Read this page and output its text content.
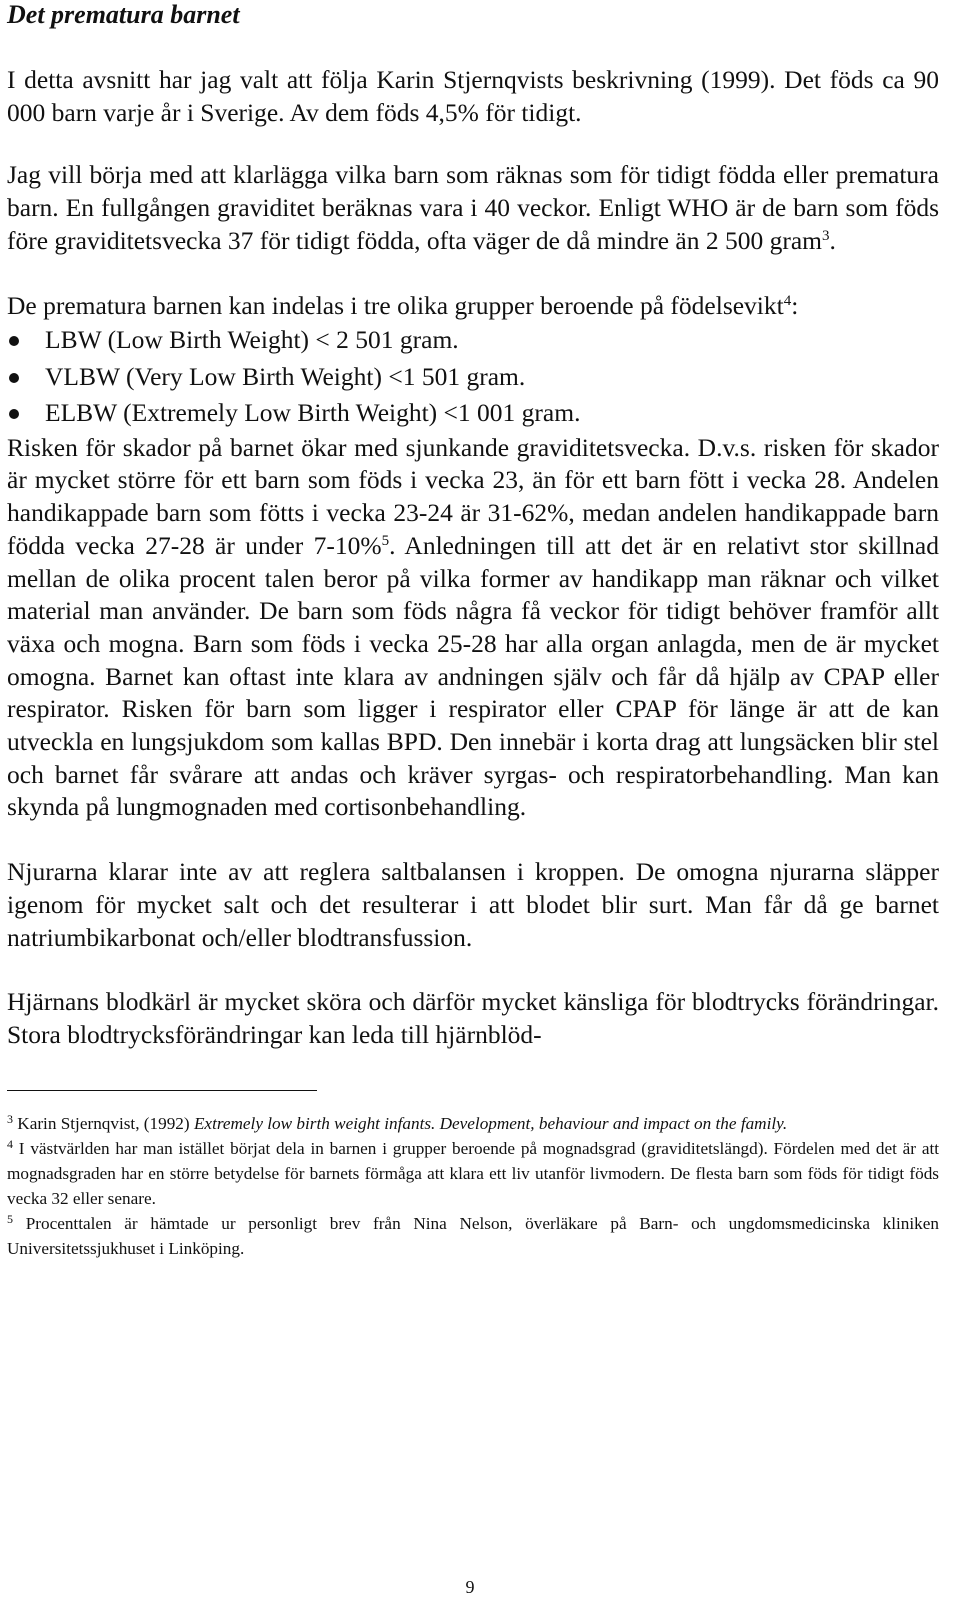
Det prematura barnet

I detta avsnitt har jag valt att följa Karin Stjernqvists beskrivning (1999). Det föds ca 90 000 barn varje år i Sverige. Av dem föds 4,5% för tidigt.

Jag vill börja med att klarlägga vilka barn som räknas som för tidigt födda eller prematura barn. En fullgången graviditet beräknas vara i 40 veckor. Enligt WHO är de barn som föds före graviditetsvecka 37 för tidigt födda, ofta väger de då mindre än 2 500 gram$^3$.

De prematura barnen kan indelas i tre olika grupper beroende på födelsevikt$^4$:

LBW (Low Birth Weight) < 2 501 gram.
VLBW (Very Low Birth Weight) <1 501 gram.
ELBW (Extremely Low Birth Weight) <1 001 gram.

Risken för skador på barnet ökar med sjunkande graviditetsvecka. D.v.s. risken för skador är mycket större för ett barn som föds i vecka 23, än för ett barn fött i vecka 28. Andelen handikappade barn som fötts i vecka 23-24 är 31-62%, medan andelen handikappade barn födda vecka 27-28 är under 7-10%$^5$. Anledningen till att det är en relativt stor skillnad mellan de olika procent talen beror på vilka former av handikapp man räknar och vilket material man använder. De barn som föds några få veckor för tidigt behöver framför allt växa och mogna. Barn som föds i vecka 25-28 har alla organ anlagda, men de är mycket omogna. Barnet kan oftast inte klara av andningen själv och får då hjälp av CPAP eller respirator. Risken för barn som ligger i respirator eller CPAP för länge är att de kan utveckla en lungsjukdom som kallas BPD. Den innebär i korta drag att lungsäcken blir stel och barnet får svårare att andas och kräver syrgas- och respiratorbehandling. Man kan skynda på lungmognaden med cortisonbehandling.

Njurarna klarar inte av att reglera saltbalansen i kroppen. De omogna njurarna släpper igenom för mycket salt och det resulterar i att blodet blir surt. Man får då ge barnet natriumbikarbonat och/eller blodtransfussion.

Hjärnans blodkärl är mycket sköra och därför mycket känsliga för blodtrycks förändringar. Stora blodtrycksförändringar kan leda till hjärnblöd-

$^3$ Karin Stjernqvist, (1992) Extremely low birth weight infants. Development, behaviour and impact on the family.

$^4$ I västvärlden har man istället börjat dela in barnen i grupper beroende på mognadsgrad (graviditetslängd). Fördelen med det är att mognadsgraden har en större betydelse för barnets förmåga att klara ett liv utanför livmodern. De flesta barn som föds för tidigt föds vecka 32 eller senare.

$^5$ Procenttalen är hämtade ur personligt brev från Nina Nelson, överläkare på Barn- och ungdomsmedicinska kliniken Universitetssjukhuset i Linköping.

9
